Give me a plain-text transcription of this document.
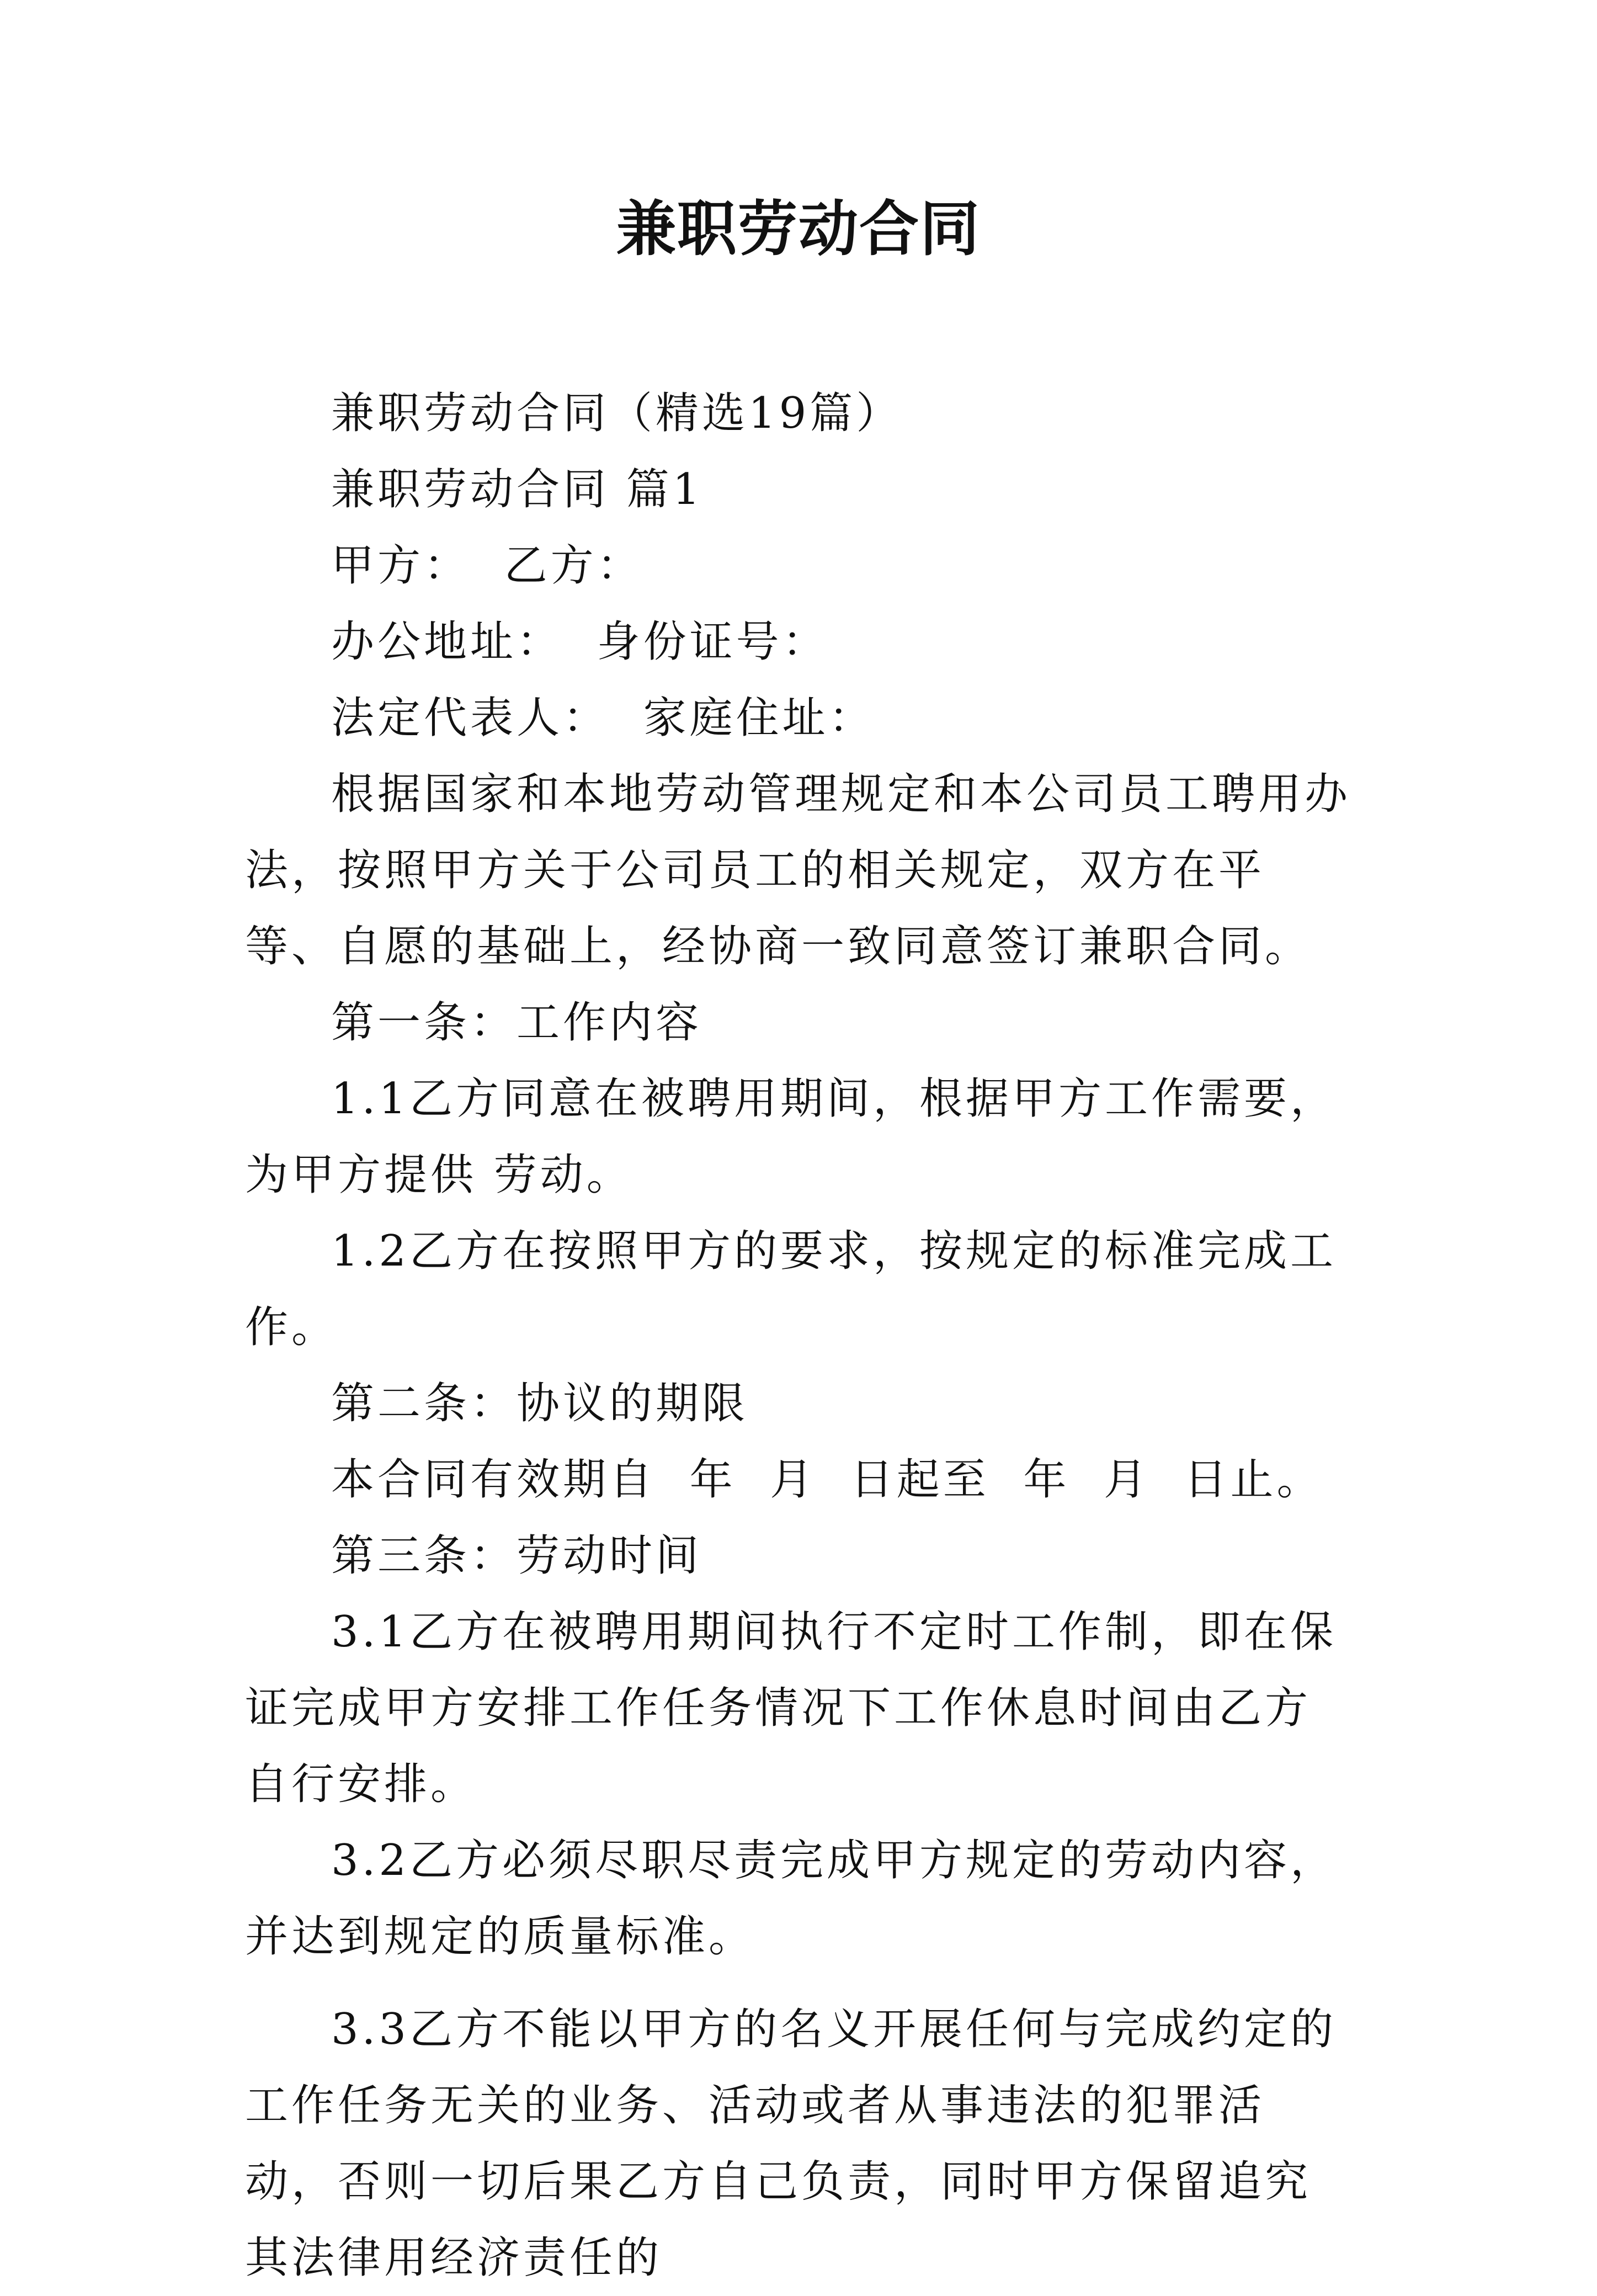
兼职劳动合同

兼职劳动合同（精选19篇）

兼职劳动合同 篇1

甲方：  乙方：

办公地址：  身份证号：

法定代表人：  家庭住址：

根据国家和本地劳动管理规定和本公司员工聘用办法，按照甲方关于公司员工的相关规定，双方在平等、自愿的基础上，经协商一致同意签订兼职合同。

第一条：工作内容

1.1乙方同意在被聘用期间，根据甲方工作需要，为甲方提供 劳动。

1.2乙方在按照甲方的要求，按规定的标准完成工作。

第二条：协议的期限

本合同有效期自  年  月  日起至  年  月  日止。

第三条：劳动时间

3.1乙方在被聘用期间执行不定时工作制，即在保证完成甲方安排工作任务情况下工作休息时间由乙方自行安排。

3.2乙方必须尽职尽责完成甲方规定的劳动内容，并达到规定的质量标准。

3.3乙方不能以甲方的名义开展任何与完成约定的工作任务无关的业务、活动或者从事违法的犯罪活动，否则一切后果乙方自己负责，同时甲方保留追究其法律用经济责任的
